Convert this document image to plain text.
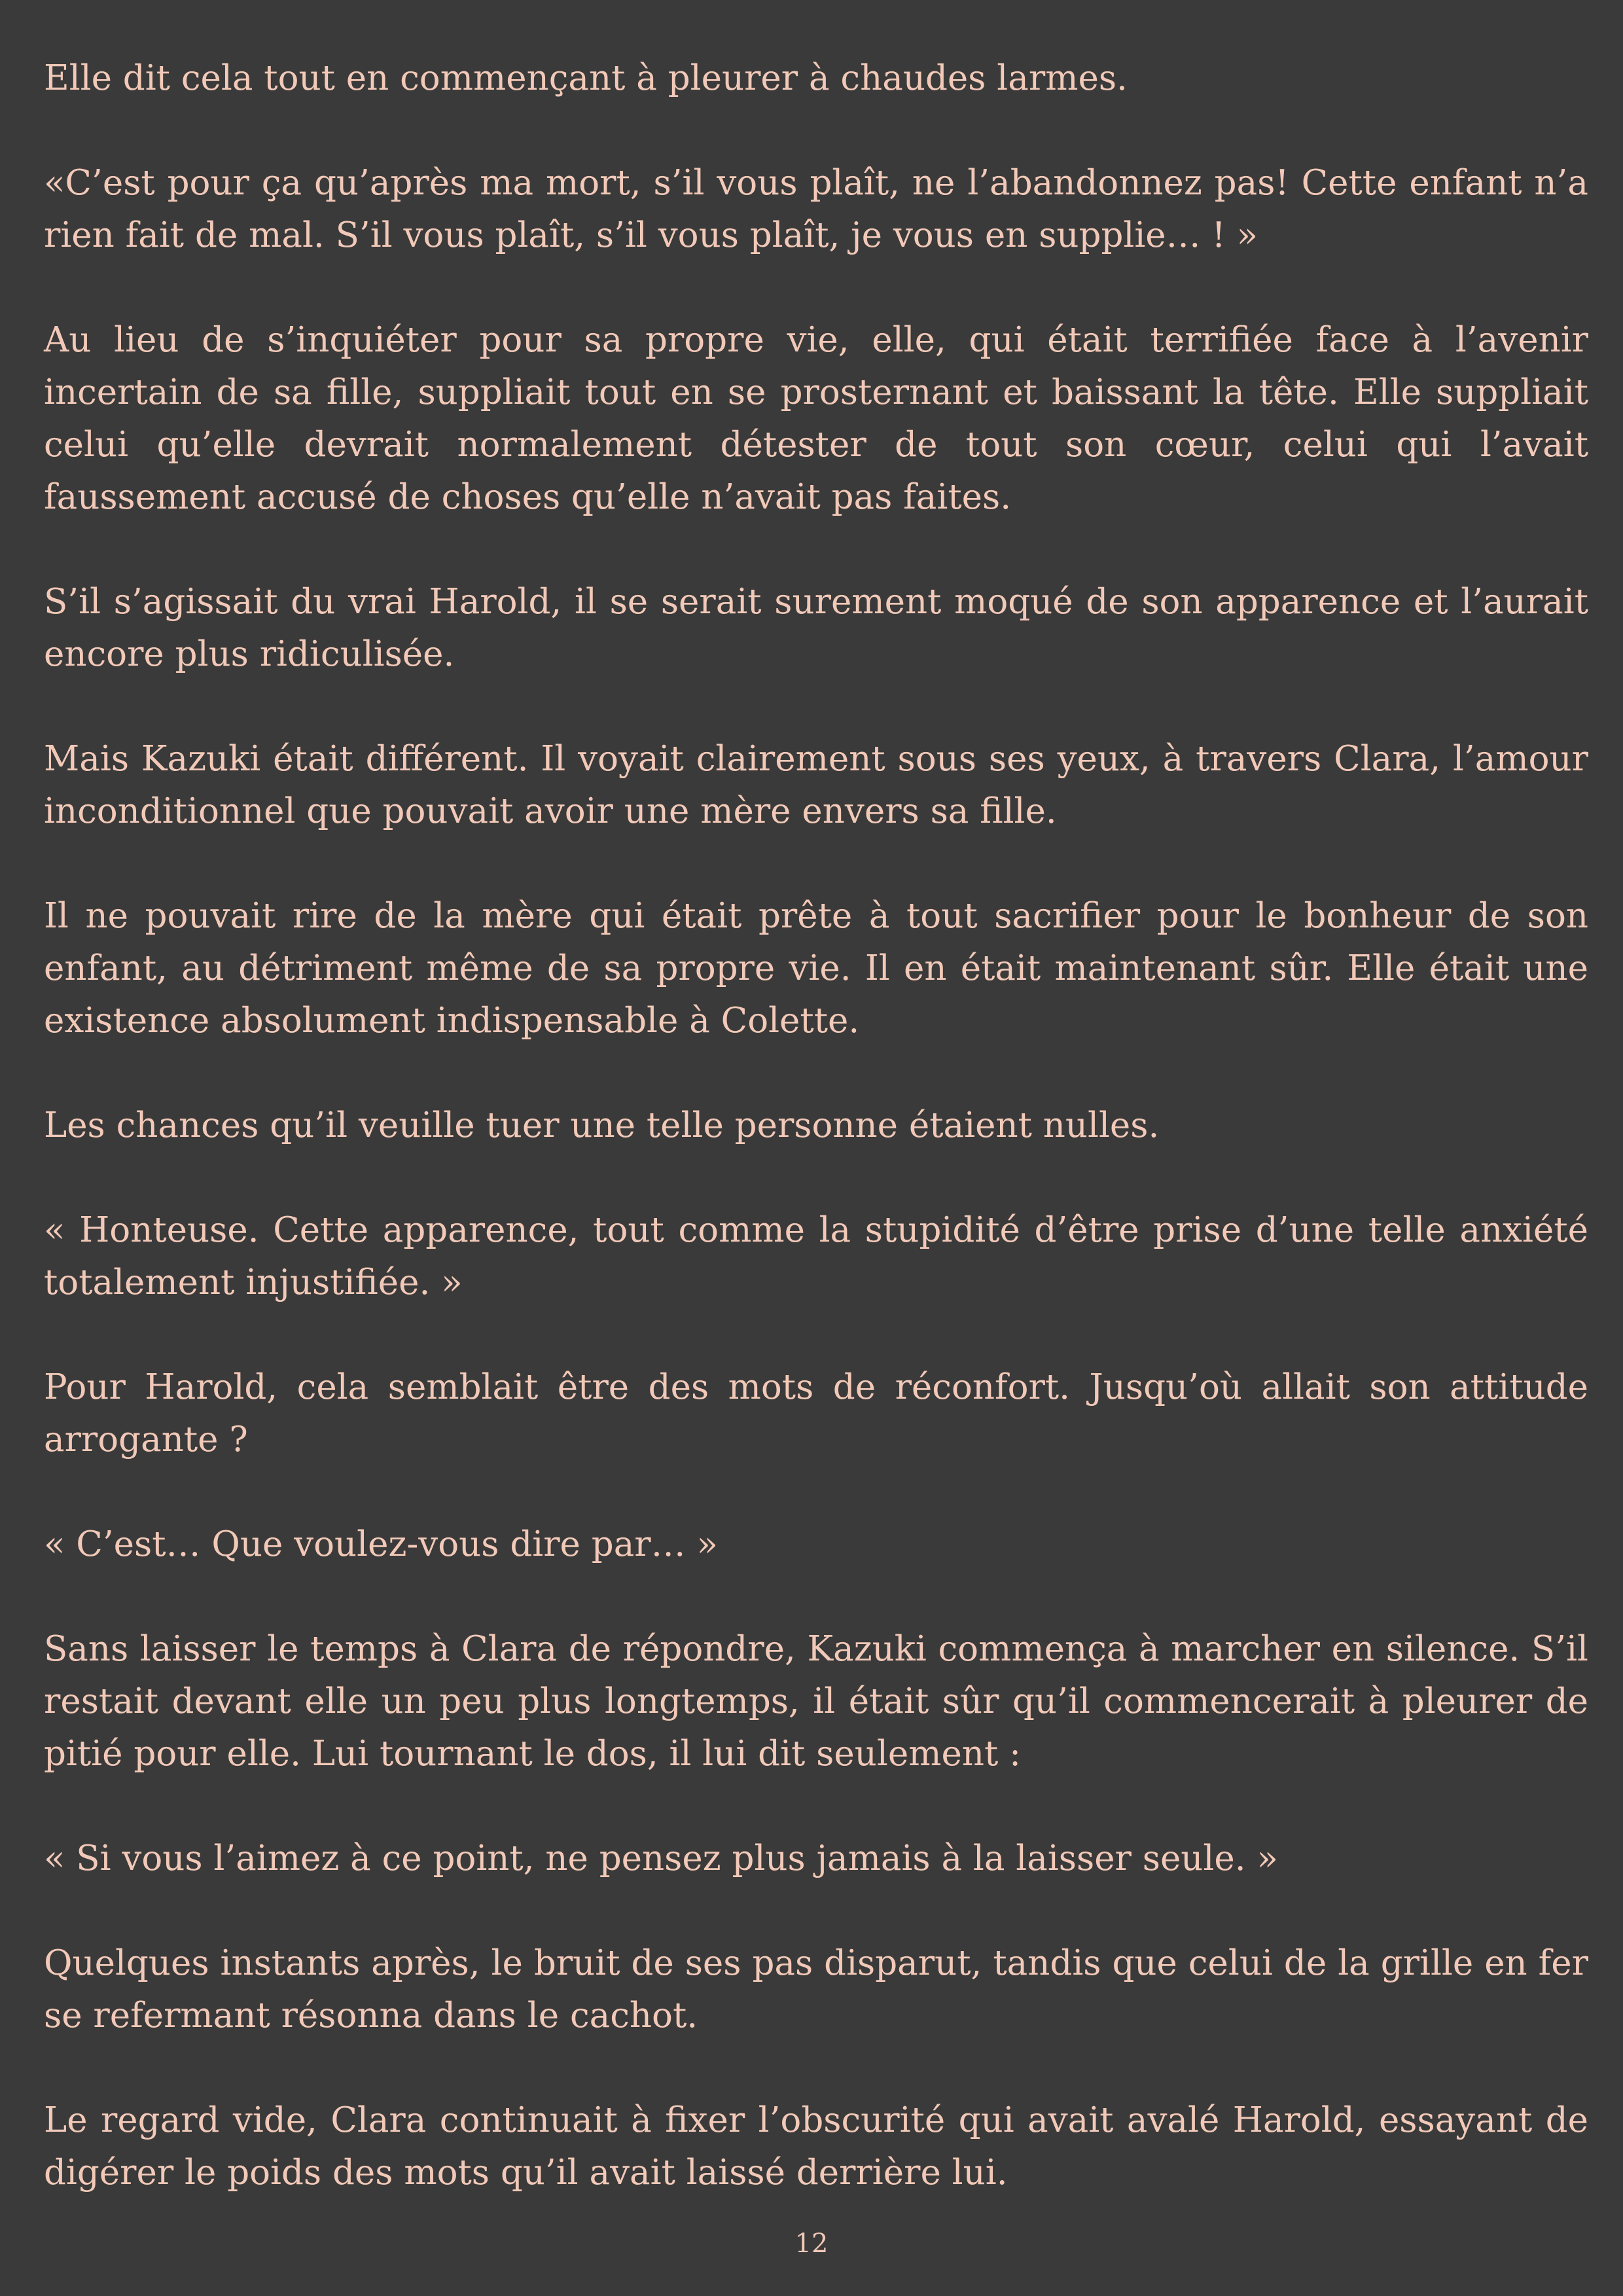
Elle dit cela tout en commençant à pleurer à chaudes larmes.

«C’est pour ça qu’après ma mort, s’il vous plaît, ne l’abandonnez pas! Cette enfant n’a rien fait de mal. S’il vous plaît, s’il vous plaît, je vous en supplie… ! »

Au lieu de s’inquiéter pour sa propre vie, elle, qui était terrifiée face à l’avenir incertain de sa fille, suppliait tout en se prosternant et baissant la tête. Elle suppliait celui qu’elle devrait normalement détester de tout son cœur, celui qui l’avait faussement accusé de choses qu’elle n’avait pas faites.

S’il s’agissait du vrai Harold, il se serait surement moqué de son apparence et l’aurait encore plus ridiculisée.

Mais Kazuki était différent. Il voyait clairement sous ses yeux, à travers Clara, l’amour inconditionnel que pouvait avoir une mère envers sa fille.

Il ne pouvait rire de la mère qui était prête à tout sacrifier pour le bonheur de son enfant, au détriment même de sa propre vie. Il en était maintenant sûr. Elle était une existence absolument indispensable à Colette.

Les chances qu’il veuille tuer une telle personne étaient nulles.

« Honteuse. Cette apparence, tout comme la stupidité d’être prise d’une telle anxiété totalement injustifiée. »

Pour Harold, cela semblait être des mots de réconfort. Jusqu’où allait son attitude arrogante ?

« C’est… Que voulez-vous dire par… »

Sans laisser le temps à Clara de répondre, Kazuki commença à marcher en silence. S’il restait devant elle un peu plus longtemps, il était sûr qu’il commencerait à pleurer de pitié pour elle. Lui tournant le dos, il lui dit seulement :

« Si vous l’aimez à ce point, ne pensez plus jamais à la laisser seule. »

Quelques instants après, le bruit de ses pas disparut, tandis que celui de la grille en fer se refermant résonna dans le cachot.

Le regard vide, Clara continuait à fixer l’obscurité qui avait avalé Harold, essayant de digérer le poids des mots qu’il avait laissé derrière lui.

12
